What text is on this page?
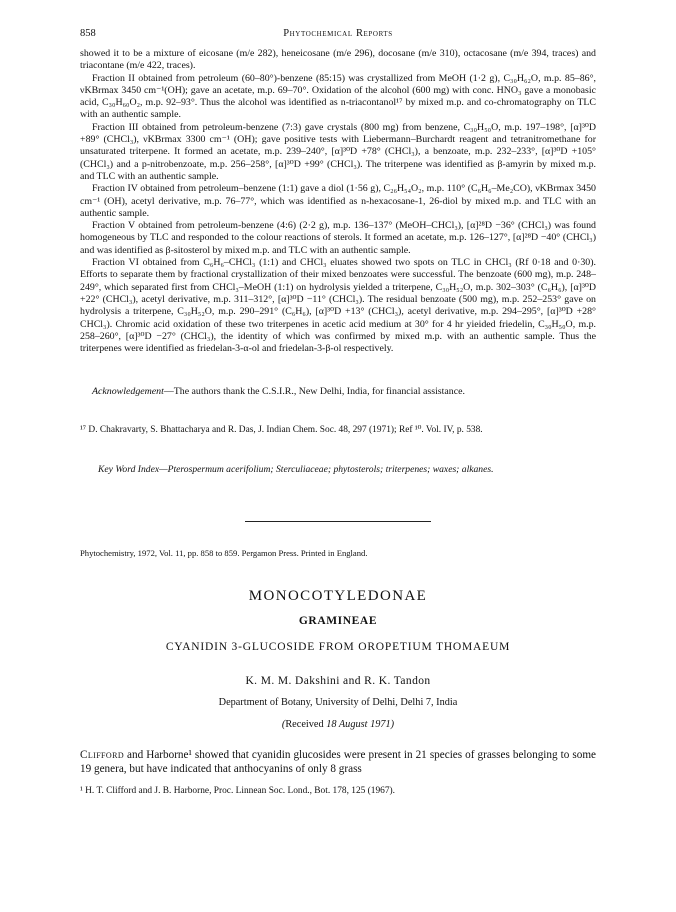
858	Phytochemical Reports

showed it to be a mixture of eicosane (m/e 282), heneicosane (m/e 296), docosane (m/e 310), octacosane (m/e 394, traces) and triacontane (m/e 422, traces).

Fraction II obtained from petroleum (60–80°)-benzene (85:15) was crystallized from MeOH (1·2 g), C₃₀H₆₂O, m.p. 85–86°, νKBrmax 3450 cm⁻¹(OH); gave an acetate, m.p. 69–70°. Oxidation of the alcohol (600 mg) with conc. HNO₃ gave a monobasic acid, C₃₀H₆₀O₂, m.p. 92–93°. Thus the alcohol was identified as n-triacontanol¹⁷ by mixed m.p. and co-chromatography on TLC with an authentic sample.

Fraction III obtained from petroleum-benzene (7:3) gave crystals (800 mg) from benzene, C₃₀H₅₀O, m.p. 197–198°, [α]³⁰D +89° (CHCl₃), νKBrmax 3300 cm⁻¹ (OH); gave positive tests with Liebermann–Burchardt reagent and tetranitromethane for unsaturated triterpene. It formed an acetate, m.p. 239–240°, [α]³⁰D +78° (CHCl₃), a benzoate, m.p. 232–233°, [α]³⁰D +105° (CHCl₃) and a p-nitrobenzoate, m.p. 256–258°, [α]³⁰D +99° (CHCl₃). The triterpene was identified as β-amyrin by mixed m.p. and TLC with an authentic sample.

Fraction IV obtained from petroleum–benzene (1:1) gave a diol (1·56 g), C₂₆H₅₄O₂, m.p. 110° (C₆H₆–Me₂CO), νKBrmax 3450 cm⁻¹ (OH), acetyl derivative, m.p. 76–77°, which was identified as n-hexacosane-1, 26-diol by mixed m.p. and TLC with an authentic sample.

Fraction V obtained from petroleum-benzene (4:6) (2·2 g), m.p. 136–137° (MeOH–CHCl₃), [α]²⁸D −36° (CHCl₃) was found homogeneous by TLC and responded to the colour reactions of sterols. It formed an acetate, m.p. 126–127°, [α]²⁸D −40° (CHCl₃) and was identified as β-sitosterol by mixed m.p. and TLC with an authentic sample.

Fraction VI obtained from C₆H₆–CHCl₃ (1:1) and CHCl₃ eluates showed two spots on TLC in CHCl₃ (Rf 0·18 and 0·30). Efforts to separate them by fractional crystallization of their mixed benzoates were successful. The benzoate (600 mg), m.p. 248–249°, which separated first from CHCl₃–MeOH (1:1) on hydrolysis yielded a triterpene, C₃₀H₅₂O, m.p. 302–303° (C₆H₆), [α]³⁰D +22° (CHCl₃), acetyl derivative, m.p. 311–312°, [α]³⁰D −11° (CHCl₃). The residual benzoate (500 mg), m.p. 252–253° gave on hydrolysis a triterpene, C₃₀H₅₂O, m.p. 290–291° (C₆H₆), [α]³⁰D +13° (CHCl₃), acetyl derivative, m.p. 294–295°, [α]³⁰D +28° CHCl₃). Chromic acid oxidation of these two triterpenes in acetic acid medium at 30° for 4 hr yieided friedelin, C₃₀H₅₀O, m.p. 258–260°, [α]³⁰D −27° (CHCl₃), the identity of which was confirmed by mixed m.p. with an authentic sample. Thus the triterpenes were identified as friedelan-3-α-ol and friedelan-3-β-ol respectively.

Acknowledgement—The authors thank the C.S.I.R., New Delhi, India, for financial assistance.

¹⁷ D. Chakravarty, S. Bhattacharya and R. Das, J. Indian Chem. Soc. 48, 297 (1971); Ref ¹⁰. Vol. IV, p. 538.

Key Word Index—Pterospermum acerifolium; Sterculiaceae; phytosterols; triterpenes; waxes; alkanes.
Phytochemistry, 1972, Vol. 11, pp. 858 to 859. Pergamon Press. Printed in England.
MONOCOTYLEDONAE
GRAMINEAE
CYANIDIN 3-GLUCOSIDE FROM OROPETIUM THOMAEUM
K. M. M. Dakshini and R. K. Tandon
Department of Botany, University of Delhi, Delhi 7, India
(Received 18 August 1971)
Clifford and Harborne¹ showed that cyanidin glucosides were present in 21 species of grasses belonging to some 19 genera, but have indicated that anthocyanins of only 8 grass
¹ H. T. Clifford and J. B. Harborne, Proc. Linnean Soc. Lond., Bot. 178, 125 (1967).
